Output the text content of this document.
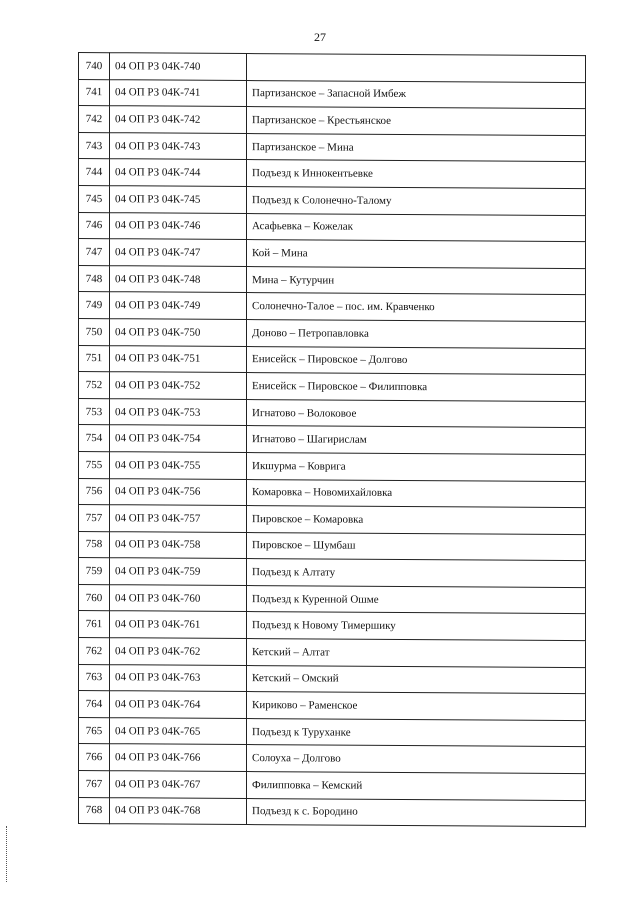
27
740	04 ОП РЗ 04К-740	
741	04 ОП РЗ 04К-741	Партизанское – Запасной Имбеж
742	04 ОП РЗ 04К-742	Партизанское – Крестьянское
743	04 ОП РЗ 04К-743	Партизанское – Мина
744	04 ОП РЗ 04К-744	Подъезд к Иннокентьевке
745	04 ОП РЗ 04К-745	Подъезд к Солонечно-Талому
746	04 ОП РЗ 04К-746	Асафьевка – Кожелак
747	04 ОП РЗ 04К-747	Кой – Мина
748	04 ОП РЗ 04К-748	Мина – Кутурчин
749	04 ОП РЗ 04К-749	Солонечно-Талое – пос. им. Кравченко
750	04 ОП РЗ 04К-750	Доново – Петропавловка
751	04 ОП РЗ 04К-751	Енисейск – Пировское – Долгово
752	04 ОП РЗ 04К-752	Енисейск – Пировское – Филипповка
753	04 ОП РЗ 04К-753	Игнатово – Волоковое
754	04 ОП РЗ 04К-754	Игнатово – Шагирислам
755	04 ОП РЗ 04К-755	Икшурма – Коврига
756	04 ОП РЗ 04К-756	Комаровка – Новомихайловка
757	04 ОП РЗ 04К-757	Пировское – Комаровка
758	04 ОП РЗ 04К-758	Пировское – Шумбаш
759	04 ОП РЗ 04К-759	Подъезд к Алтату
760	04 ОП РЗ 04К-760	Подъезд к Куренной Ошме
761	04 ОП РЗ 04К-761	Подъезд к Новому Тимершику
762	04 ОП РЗ 04К-762	Кетский – Алтат
763	04 ОП РЗ 04К-763	Кетский – Омский
764	04 ОП РЗ 04К-764	Кириково – Раменское
765	04 ОП РЗ 04К-765	Подъезд к Туруханке
766	04 ОП РЗ 04К-766	Солоуха – Долгово
767	04 ОП РЗ 04К-767	Филипповка – Кемский
768	04 ОП РЗ 04К-768	Подъезд к с. Бородино
